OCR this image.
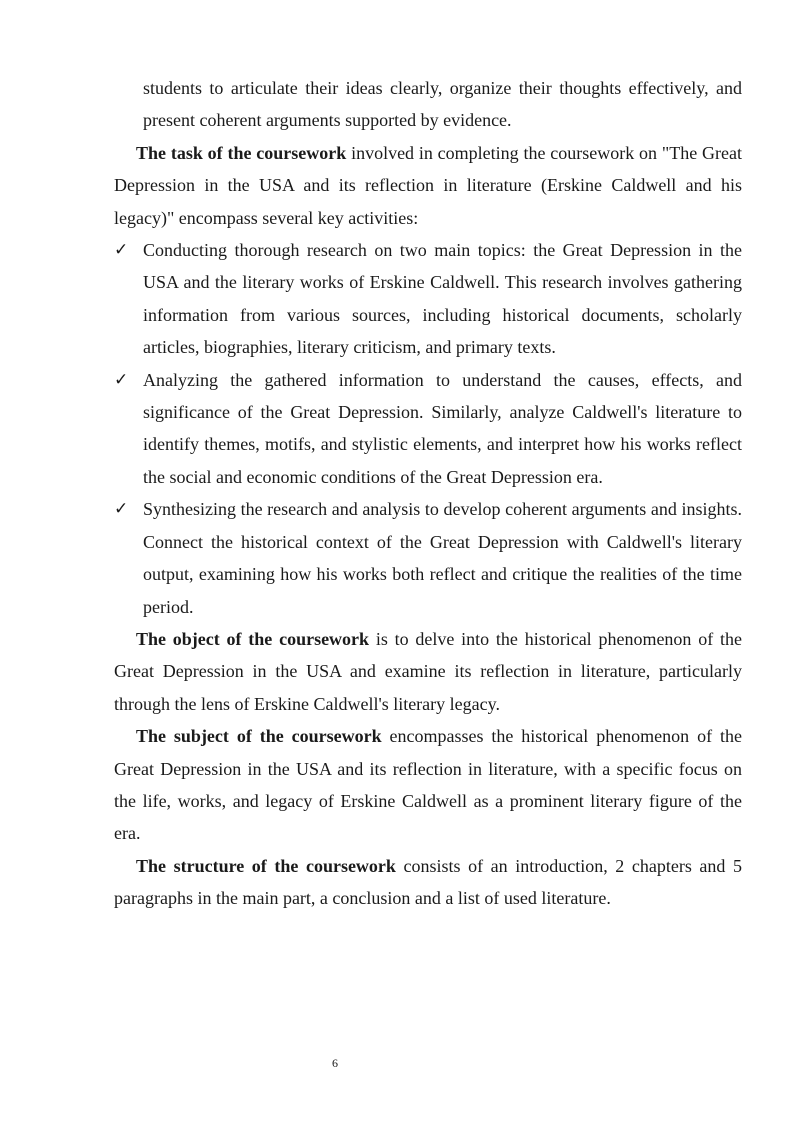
students to articulate their ideas clearly, organize their thoughts effectively, and present coherent arguments supported by evidence.

The task of the coursework involved in completing the coursework on "The Great Depression in the USA and its reflection in literature (Erskine Caldwell and his legacy)" encompass several key activities:

✓ Conducting thorough research on two main topics: the Great Depression in the USA and the literary works of Erskine Caldwell. This research involves gathering information from various sources, including historical documents, scholarly articles, biographies, literary criticism, and primary texts.
✓ Analyzing the gathered information to understand the causes, effects, and significance of the Great Depression. Similarly, analyze Caldwell's literature to identify themes, motifs, and stylistic elements, and interpret how his works reflect the social and economic conditions of the Great Depression era.
✓ Synthesizing the research and analysis to develop coherent arguments and insights. Connect the historical context of the Great Depression with Caldwell's literary output, examining how his works both reflect and critique the realities of the time period.

The object of the coursework is to delve into the historical phenomenon of the Great Depression in the USA and examine its reflection in literature, particularly through the lens of Erskine Caldwell's literary legacy.

The subject of the coursework encompasses the historical phenomenon of the Great Depression in the USA and its reflection in literature, with a specific focus on the life, works, and legacy of Erskine Caldwell as a prominent literary figure of the era.

The structure of the coursework consists of an introduction, 2 chapters and 5 paragraphs in the main part, a conclusion and a list of used literature.

6
